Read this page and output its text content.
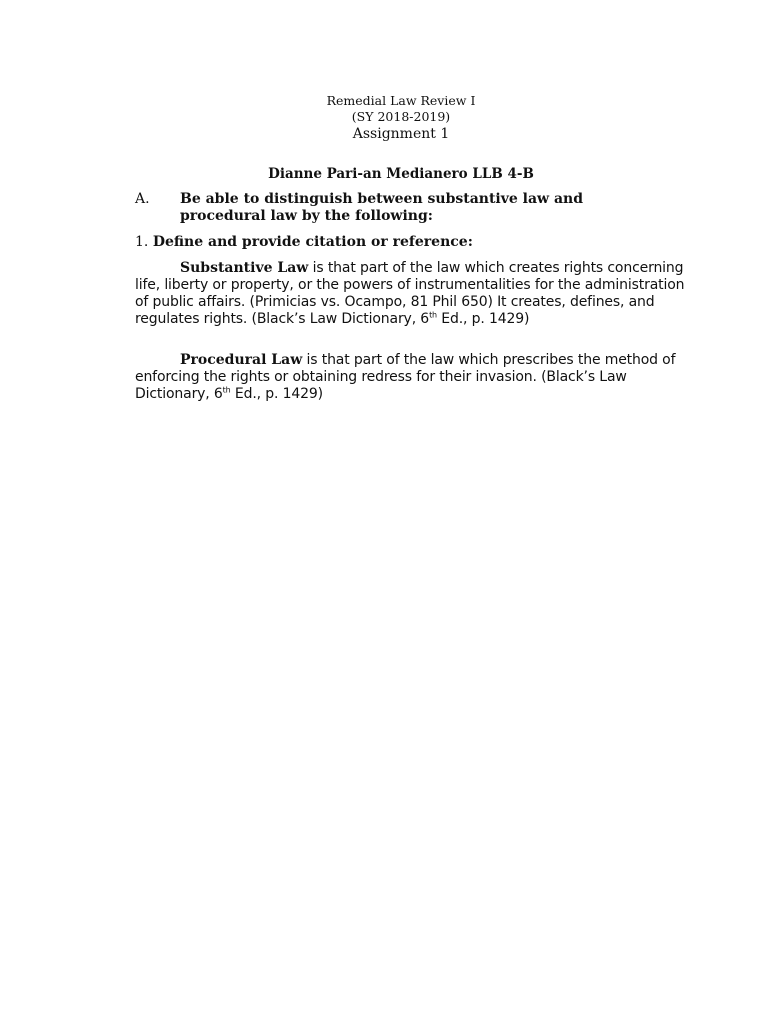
Remedial Law Review I
(SY 2018-2019)
Assignment 1
Dianne Pari-an Medianero LLB 4-B
A. Be able to distinguish between substantive law and procedural law by the following:
1. Define and provide citation or reference:
Substantive Law is that part of the law which creates rights concerning life, liberty or property, or the powers of instrumentalities for the administration of public affairs. (Primicias vs. Ocampo, 81 Phil 650) It creates, defines, and regulates rights. (Black’s Law Dictionary, 6th Ed., p. 1429)
Procedural Law is that part of the law which prescribes the method of enforcing the rights or obtaining redress for their invasion. (Black’s Law Dictionary, 6th Ed., p. 1429)
